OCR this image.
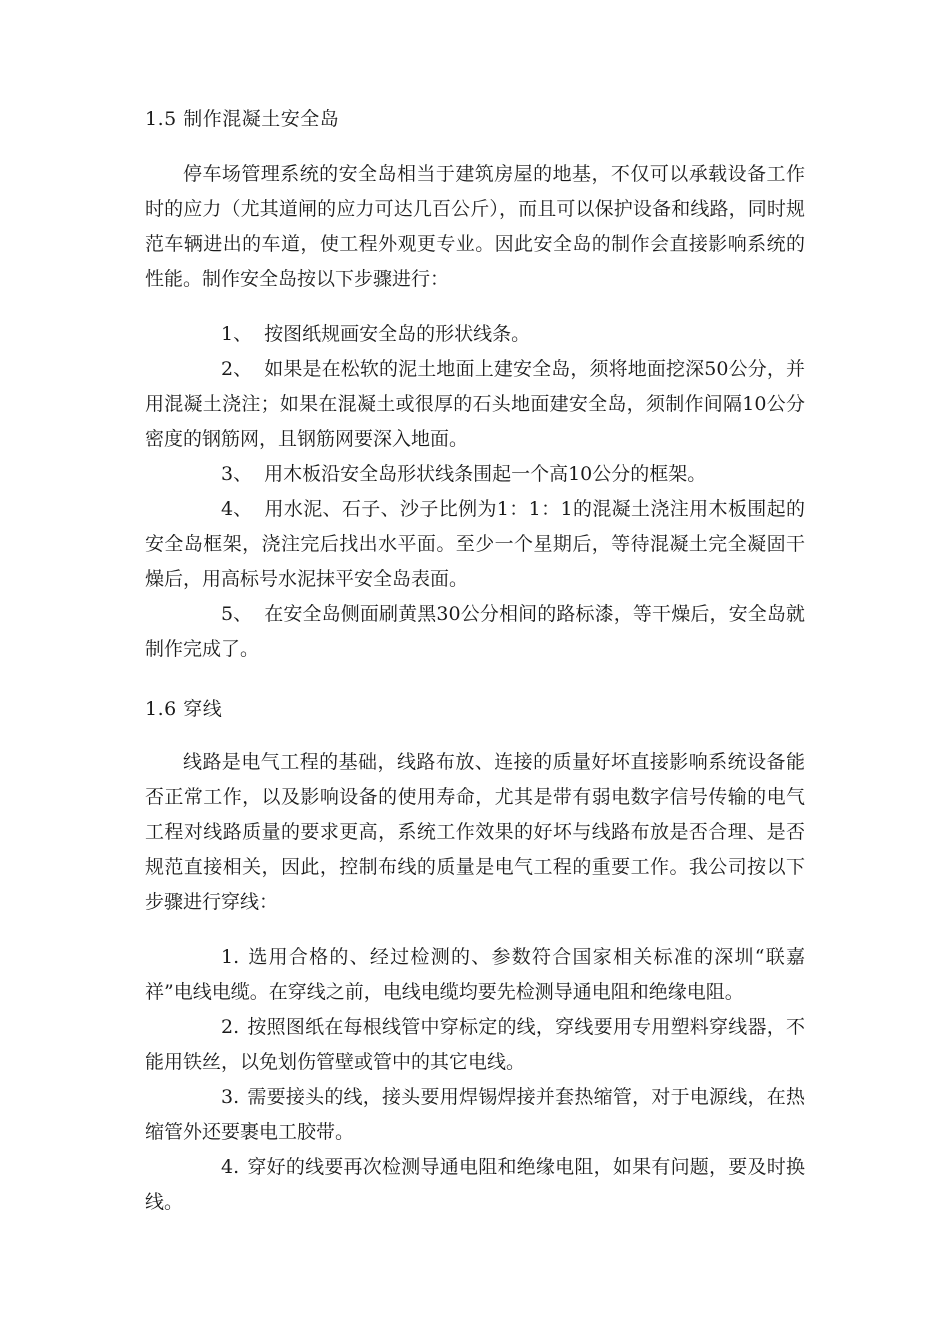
1.5 制作混凝土安全岛

停车场管理系统的安全岛相当于建筑房屋的地基，不仅可以承载设备工作时的应力（尤其道闸的应力可达几百公斤），而且可以保护设备和线路，同时规范车辆进出的车道，使工程外观更专业。因此安全岛的制作会直接影响系统的性能。制作安全岛按以下步骤进行：

1、 按图纸规画安全岛的形状线条。

2、 如果是在松软的泥土地面上建安全岛，须将地面挖深50公分，并用混凝土浇注；如果在混凝土或很厚的石头地面建安全岛，须制作间隔10公分密度的钢筋网，且钢筋网要深入地面。

3、 用木板沿安全岛形状线条围起一个高10公分的框架。

4、 用水泥、石子、沙子比例为1：1：1的混凝土浇注用木板围起的安全岛框架，浇注完后找出水平面。至少一个星期后，等待混凝土完全凝固干燥后，用高标号水泥抹平安全岛表面。

5、 在安全岛侧面刷黄黑30公分相间的路标漆，等干燥后，安全岛就制作完成了。

1.6 穿线

线路是电气工程的基础，线路布放、连接的质量好坏直接影响系统设备能否正常工作，以及影响设备的使用寿命，尤其是带有弱电数字信号传输的电气工程对线路质量的要求更高，系统工作效果的好坏与线路布放是否合理、是否规范直接相关，因此，控制布线的质量是电气工程的重要工作。我公司按以下步骤进行穿线：

1. 选用合格的、经过检测的、参数符合国家相关标准的深圳“联嘉祥”电线电缆。在穿线之前，电线电缆均要先检测导通电阻和绝缘电阻。

2. 按照图纸在每根线管中穿标定的线，穿线要用专用塑料穿线器，不能用铁丝，以免划伤管壁或管中的其它电线。

3. 需要接头的线，接头要用焊锡焊接并套热缩管，对于电源线，在热缩管外还要裹电工胶带。

4. 穿好的线要再次检测导通电阻和绝缘电阻，如果有问题，要及时换线。
